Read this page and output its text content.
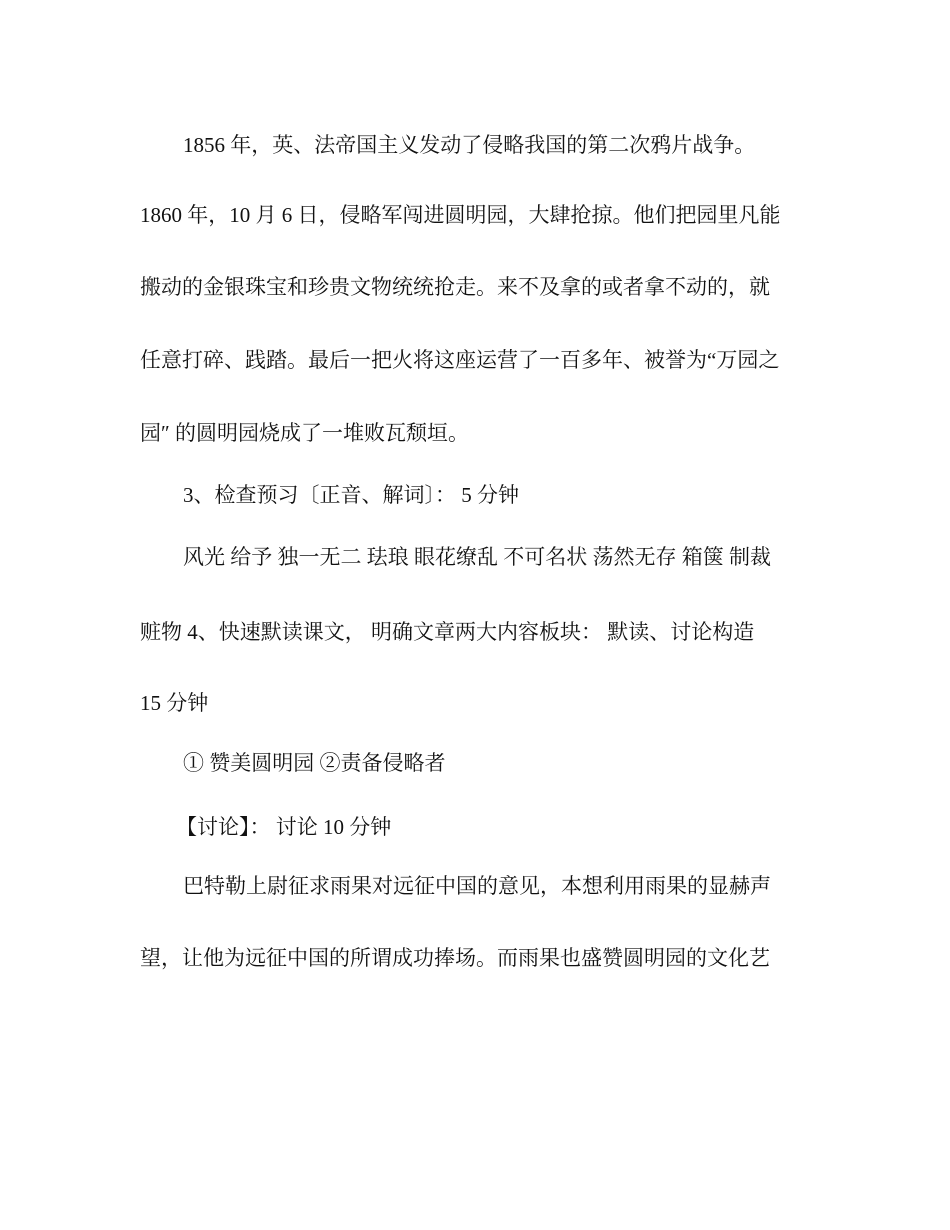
1856 年，英、法帝国主义发动了侵略我国的第二次鸦片战争。
1860 年，10 月 6 日，侵略军闯进圆明园，大肆抢掠。他们把园里凡能
搬动的金银珠宝和珍贵文物统统抢走。来不及拿的或者拿不动的，就
任意打碎、践踏。最后一把火将这座运营了一百多年、被誉为“万园之
园″ 的圆明园烧成了一堆败瓦颓垣。
3、检查预习〔正音、解词〕： 5 分钟
风光 给予 独一无二 珐琅 眼花缭乱 不可名状 荡然无存 箱箧 制裁
赃物 4、快速默读课文， 明确文章两大内容板块： 默读、讨论构造
15 分钟
① 赞美圆明园 ②责备侵略者
【讨论】： 讨论 10 分钟
巴特勒上尉征求雨果对远征中国的意见，本想利用雨果的显赫声
望，让他为远征中国的所谓成功捧场。而雨果也盛赞圆明园的文化艺
